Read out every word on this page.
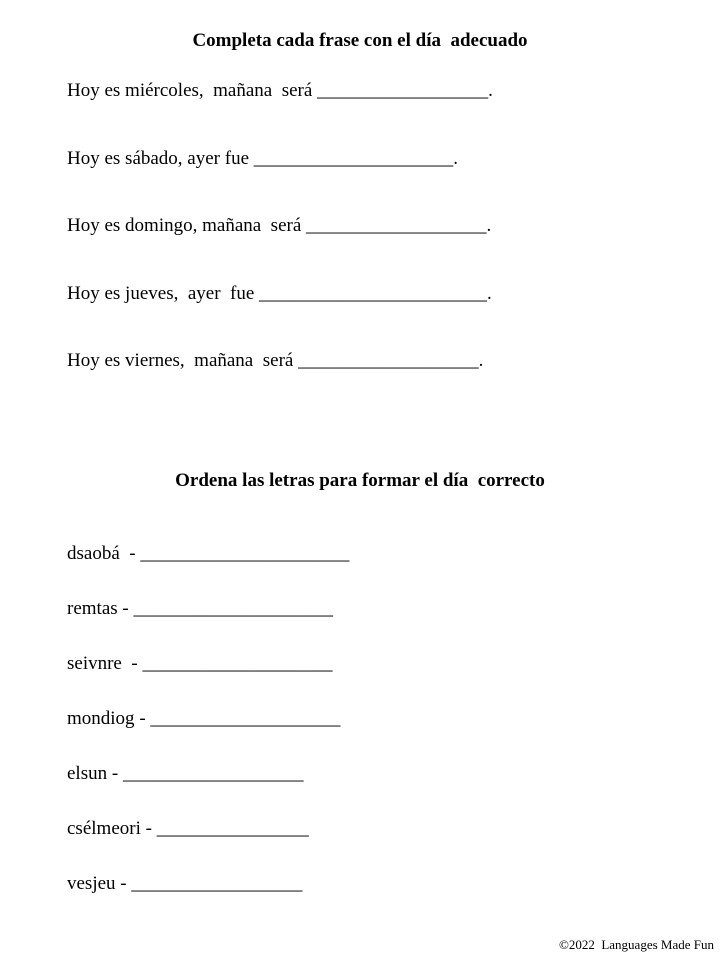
Completa cada frase con el día  adecuado

Hoy es miércoles,  mañana  será __________________.

Hoy es sábado, ayer fue _____________________.

Hoy es domingo, mañana  será ___________________.

Hoy es jueves,  ayer  fue ________________________.

Hoy es viernes,  mañana  será ___________________.

Ordena las letras para formar el día  correcto

dsaobá  - ______________________

remtas - _____________________

seivnre  - ____________________

mondiog - ____________________

elsun - ___________________

csélmeori - ________________

vesjeu - __________________

©2022  Languages Made Fun
